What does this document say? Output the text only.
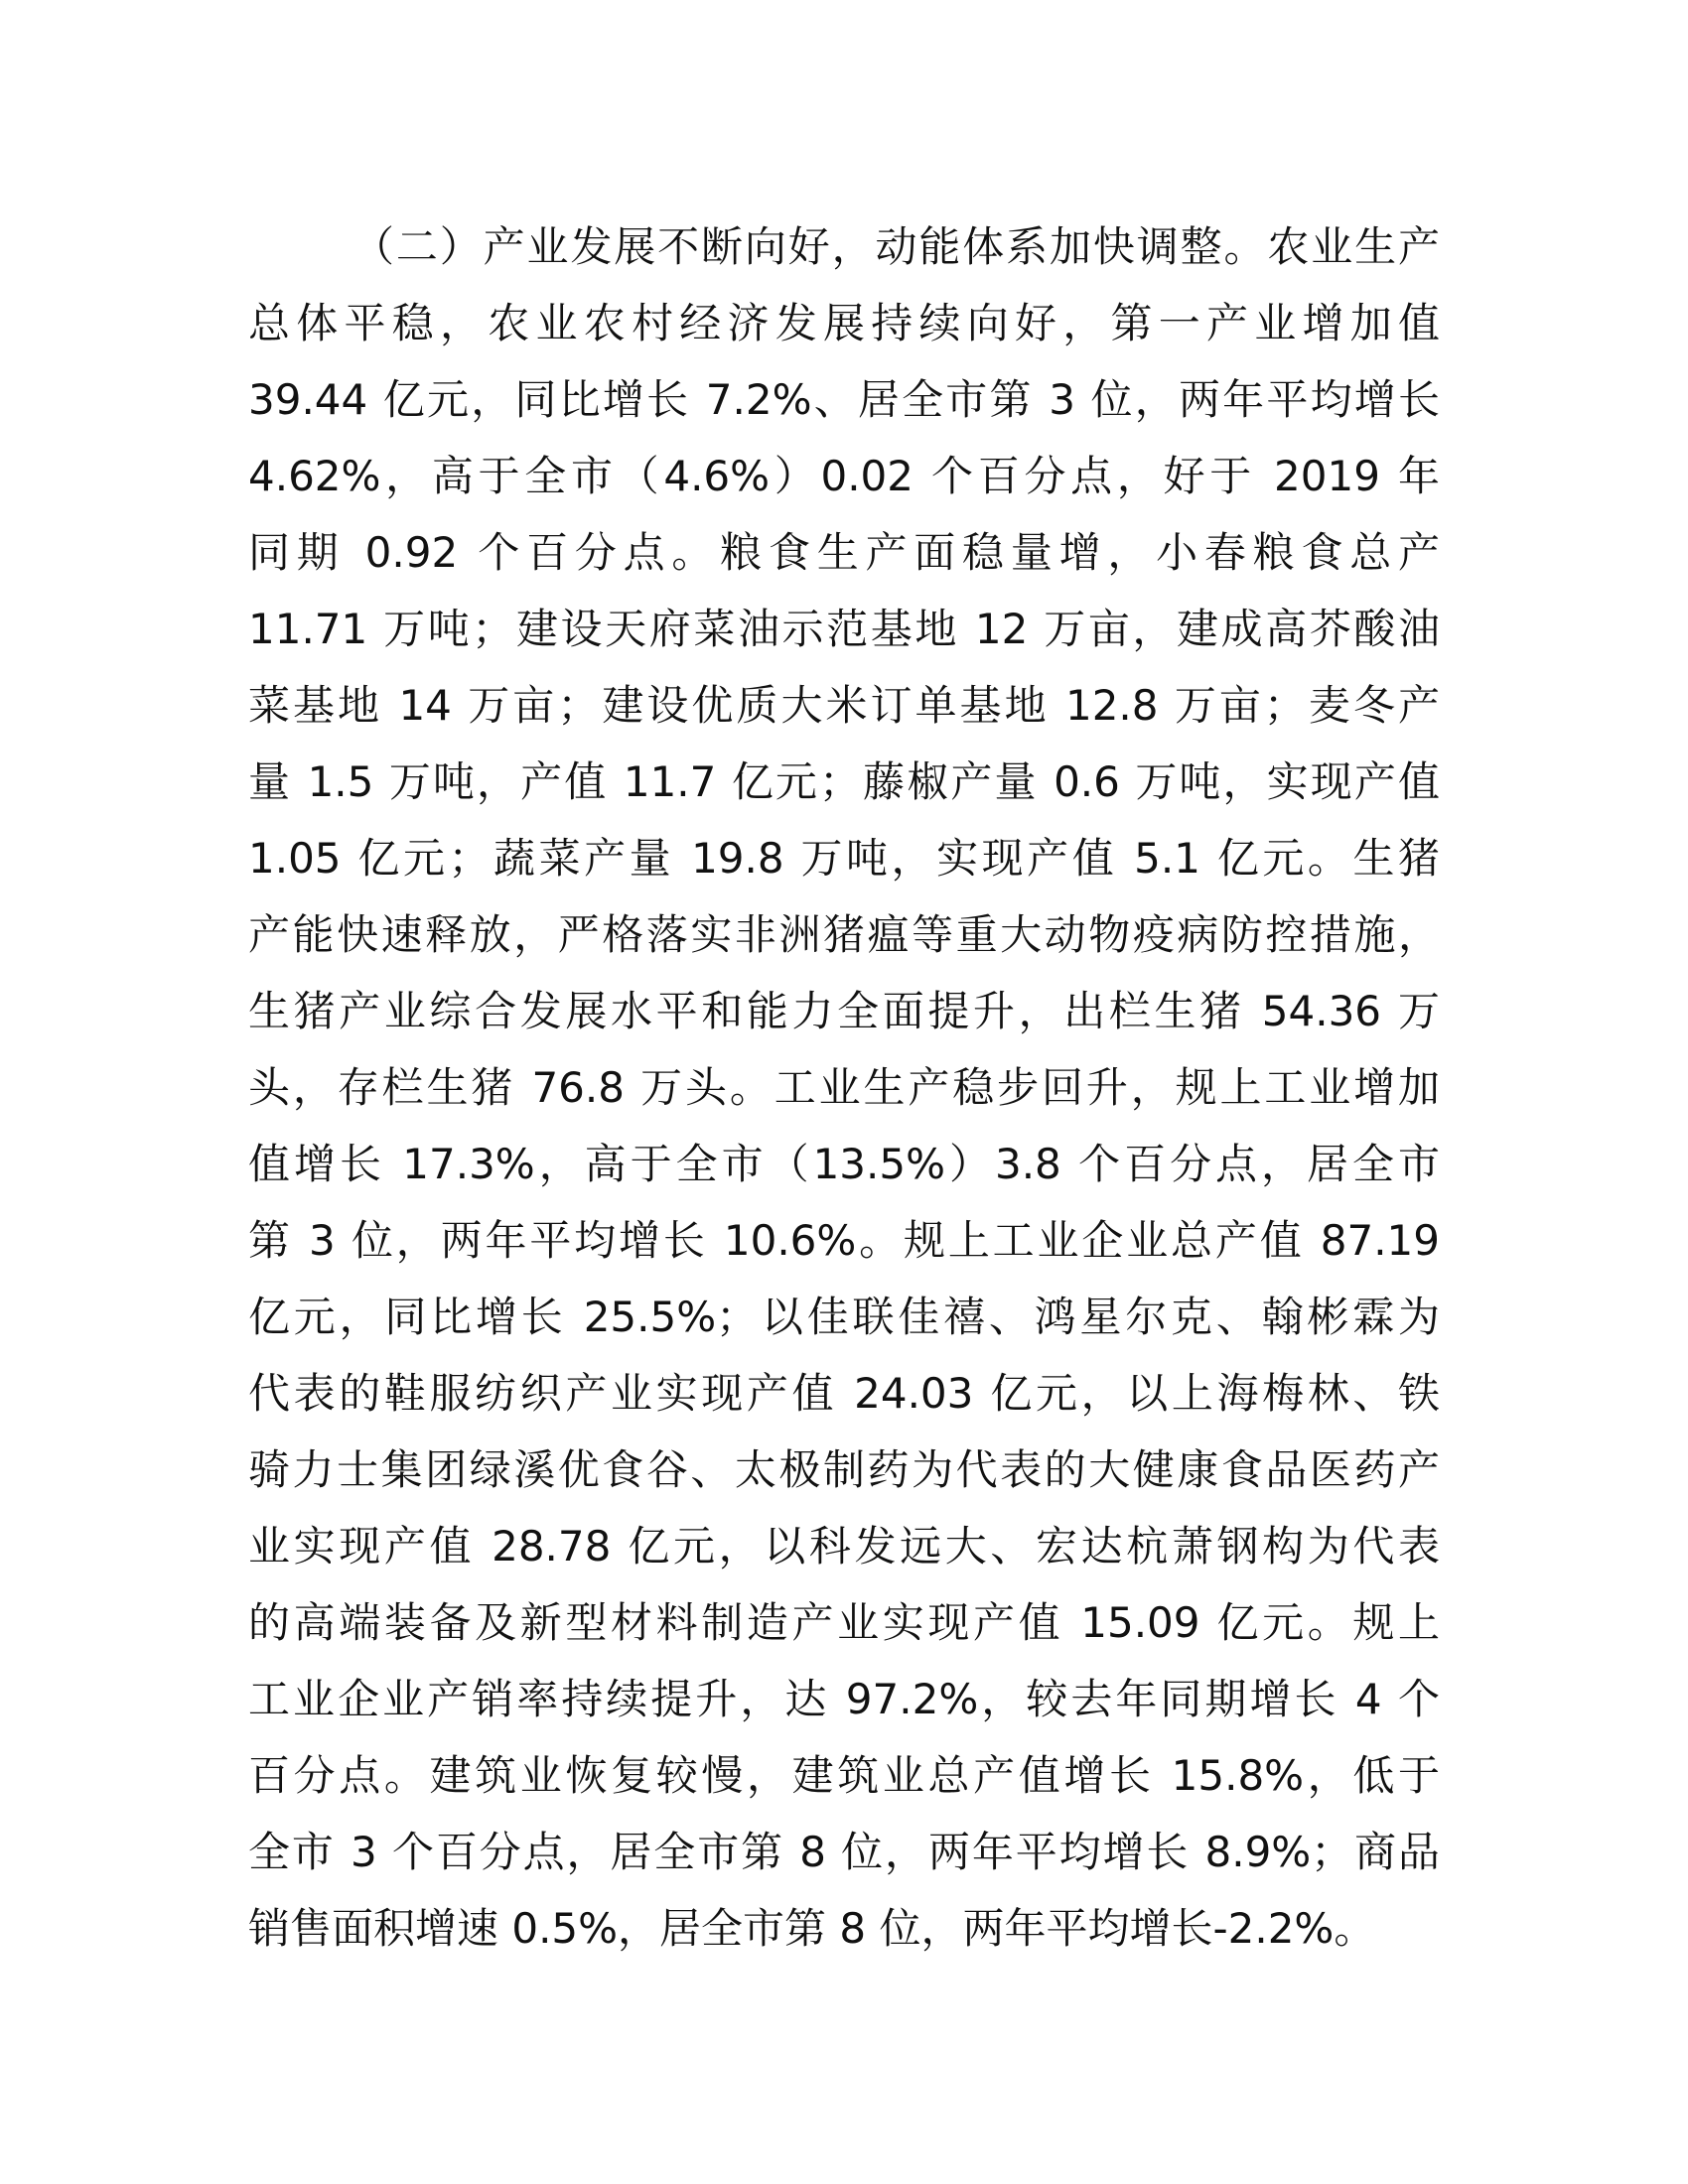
（二）产业发展不断向好，动能体系加快调整。农业生产
总体平稳，农业农村经济发展持续向好，第一产业增加值
39.44 亿元，同比增长 7.2%、居全市第 3 位，两年平均增长
4.62%，高于全市（4.6%）0.02 个百分点，好于 2019 年
同期 0.92 个百分点。粮食生产面稳量增，小春粮食总产
11.71 万吨；建设天府菜油示范基地 12 万亩，建成高芥酸油
菜基地 14 万亩；建设优质大米订单基地 12.8 万亩；麦冬产
量 1.5 万吨，产值 11.7 亿元；藤椒产量 0.6 万吨，实现产值
1.05 亿元；蔬菜产量 19.8 万吨，实现产值 5.1 亿元。生猪
产能快速释放，严格落实非洲猪瘟等重大动物疫病防控措施，
生猪产业综合发展水平和能力全面提升，出栏生猪 54.36 万
头，存栏生猪 76.8 万头。工业生产稳步回升，规上工业增加
值增长 17.3%，高于全市（13.5%）3.8 个百分点，居全市
第 3 位，两年平均增长 10.6%。规上工业企业总产值 87.19
亿元，同比增长 25.5%；以佳联佳禧、鸿星尔克、翰彬霖为
代表的鞋服纺织产业实现产值 24.03 亿元，以上海梅林、铁
骑力士集团绿溪优食谷、太极制药为代表的大健康食品医药产
业实现产值 28.78 亿元，以科发远大、宏达杭萧钢构为代表
的高端装备及新型材料制造产业实现产值 15.09 亿元。规上
工业企业产销率持续提升，达 97.2%，较去年同期增长 4 个
百分点。建筑业恢复较慢，建筑业总产值增长 15.8%，低于
全市 3 个百分点，居全市第 8 位，两年平均增长 8.9%；商品
销售面积增速 0.5%，居全市第 8 位，两年平均增长-2.2%。
